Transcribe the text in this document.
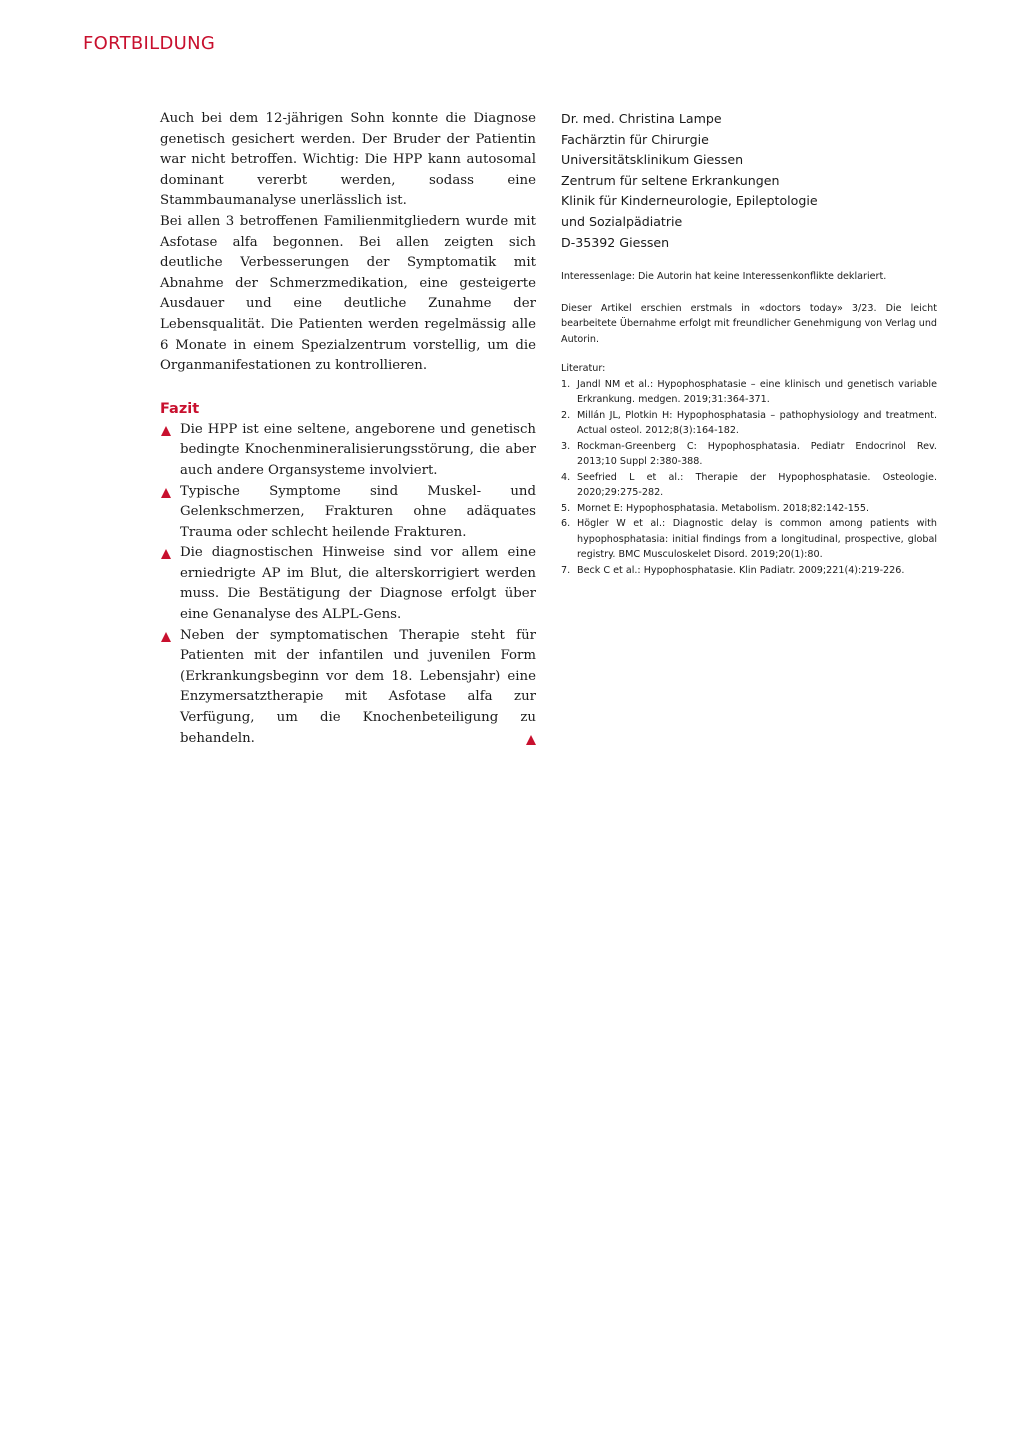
FORTBILDUNG

Auch bei dem 12-jährigen Sohn konnte die Diagnose genetisch gesichert werden. Der Bruder der Patientin war nicht betroffen. Wichtig: Die HPP kann autosomal dominant vererbt werden, sodass eine Stammbaumanalyse unerlässlich ist.

Bei allen 3 betroffenen Familienmitgliedern wurde mit Asfotase alfa begonnen. Bei allen zeigten sich deutliche Verbesserungen der Symptomatik mit Abnahme der Schmerzmedikation, eine gesteigerte Ausdauer und eine deutliche Zunahme der Lebensqualität. Die Patienten werden regelmässig alle 6 Monate in einem Spezialzentrum vorstellig, um die Organmanifestationen zu kontrollieren.

Fazit
Die HPP ist eine seltene, angeborene und genetisch bedingte Knochenmineralisierungsstörung, die aber auch andere Organsysteme involviert.
Typische Symptome sind Muskel- und Gelenkschmerzen, Frakturen ohne adäquates Trauma oder schlecht heilende Frakturen.
Die diagnostischen Hinweise sind vor allem eine erniedrigte AP im Blut, die alterskorrigiert werden muss. Die Bestätigung der Diagnose erfolgt über eine Genanalyse des ALPL-Gens.
Neben der symptomatischen Therapie steht für Patienten mit der infantilen und juvenilen Form (Erkrankungsbeginn vor dem 18. Lebensjahr) eine Enzymersatztherapie mit Asfotase alfa zur Verfügung, um die Knochenbeteiligung zu behandeln.
Dr. med. Christina Lampe
Fachärztin für Chirurgie
Universitätsklinikum Giessen
Zentrum für seltene Erkrankungen
Klinik für Kinderneurologie, Epileptologie
und Sozialpädiatrie
D-35392 Giessen

Interessenlage: Die Autorin hat keine Interessenkonflikte deklariert.

Dieser Artikel erschien erstmals in «doctors today» 3/23. Die leicht bearbeitete Übernahme erfolgt mit freundlicher Genehmigung von Verlag und Autorin.

Literatur:

1. Jandl NM et al.: Hypophosphatasie – eine klinisch und genetisch variable Erkrankung. medgen. 2019;31:364-371.
2. Millán JL, Plotkin H: Hypophosphatasia – pathophysiology and treatment. Actual osteol. 2012;8(3):164-182.
3. Rockman-Greenberg C: Hypophosphatasia. Pediatr Endocrinol Rev. 2013;10 Suppl 2:380-388.
4. Seefried L et al.: Therapie der Hypophosphatasie. Osteologie. 2020;29:275-282.
5. Mornet E: Hypophosphatasia. Metabolism. 2018;82:142-155.
6. Högler W et al.: Diagnostic delay is common among patients with hypophosphatasia: initial findings from a longitudinal, prospective, global registry. BMC Musculoskelet Disord. 2019;20(1):80.
7. Beck C et al.: Hypophosphatasie. Klin Padiatr. 2009;221(4):219-226.
